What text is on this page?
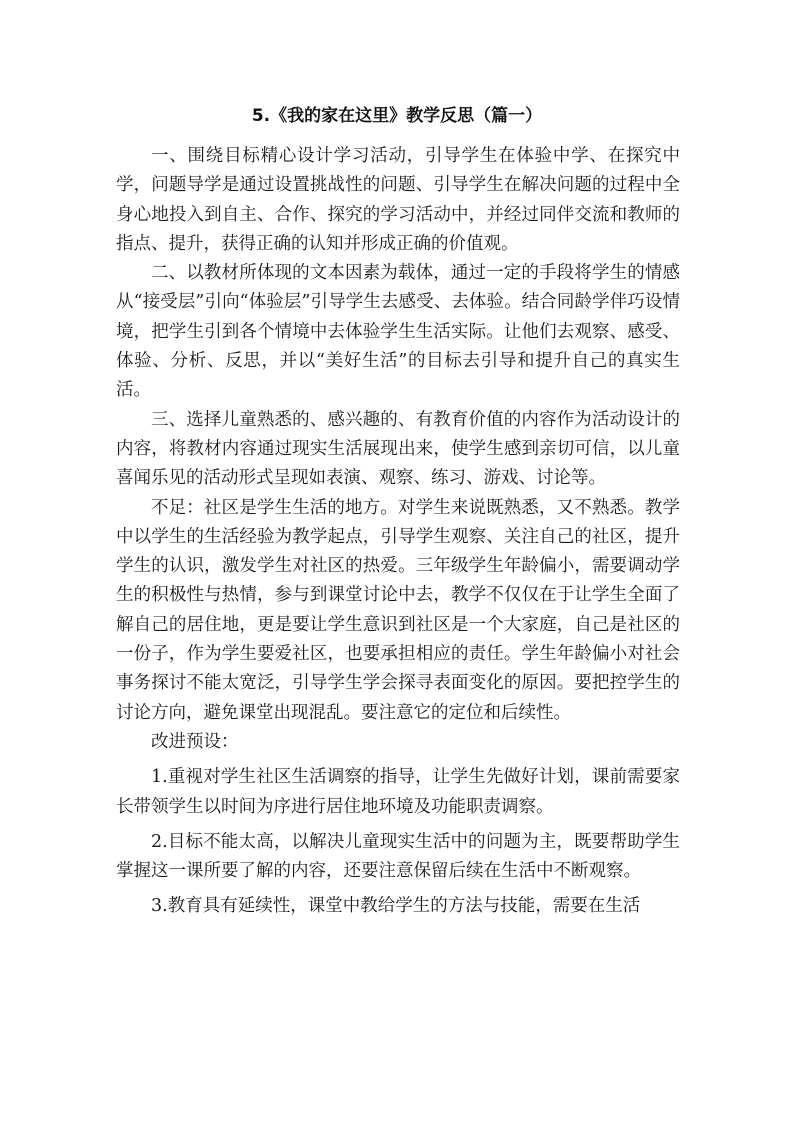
5.《我的家在这里》教学反思（篇一）

一、围绕目标精心设计学习活动，引导学生在体验中学、在探究中学，问题导学是通过设置挑战性的问题、引导学生在解决问题的过程中全身心地投入到自主、合作、探究的学习活动中，并经过同伴交流和教师的指点、提升，获得正确的认知并形成正确的价值观。

二、以教材所体现的文本因素为载体，通过一定的手段将学生的情感从“接受层”引向“体验层”引导学生去感受、去体验。结合同龄学伴巧设情境，把学生引到各个情境中去体验学生生活实际。让他们去观察、感受、体验、分析、反思，并以“美好生活”的目标去引导和提升自己的真实生活。

三、选择儿童熟悉的、感兴趣的、有教育价值的内容作为活动设计的内容，将教材内容通过现实生活展现出来，使学生感到亲切可信，以儿童喜闻乐见的活动形式呈现如表演、观察、练习、游戏、讨论等。

不足：社区是学生生活的地方。对学生来说既熟悉，又不熟悉。教学中以学生的生活经验为教学起点，引导学生观察、关注自己的社区，提升学生的认识，激发学生对社区的热爱。三年级学生年龄偏小，需要调动学生的积极性与热情，参与到课堂讨论中去，教学不仅仅在于让学生全面了解自己的居住地，更是要让学生意识到社区是一个大家庭，自己是社区的一份子，作为学生要爱社区，也要承担相应的责任。学生年龄偏小对社会事务探讨不能太宽泛，引导学生学会探寻表面变化的原因。要把控学生的讨论方向，避免课堂出现混乱。要注意它的定位和后续性。

改进预设：

1.重视对学生社区生活调察的指导，让学生先做好计划，课前需要家长带领学生以时间为序进行居住地环境及功能职责调察。

2.目标不能太高，以解决儿童现实生活中的问题为主，既要帮助学生掌握这一课所要了解的内容，还要注意保留后续在生活中不断观察。

3.教育具有延续性，课堂中教给学生的方法与技能，需要在生活
